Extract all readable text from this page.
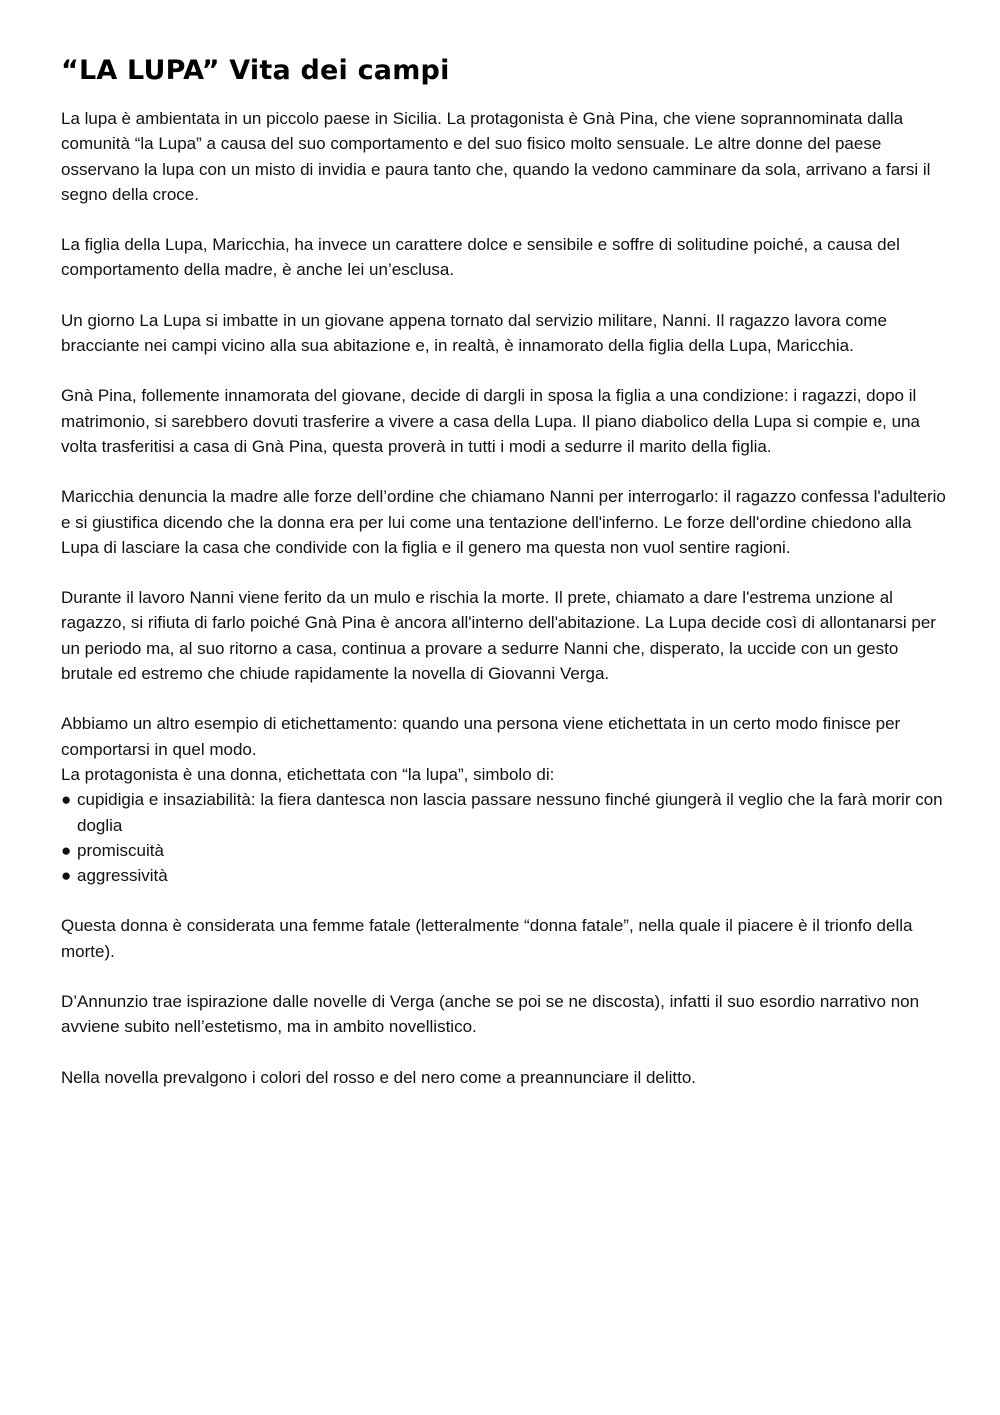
“LA LUPA” Vita dei campi

La lupa è ambientata in un piccolo paese in Sicilia. La protagonista è Gnà Pina, che viene soprannominata dalla comunità “la Lupa” a causa del suo comportamento e del suo fisico molto sensuale. Le altre donne del paese osservano la lupa con un misto di invidia e paura tanto che, quando la vedono camminare da sola, arrivano a farsi il segno della croce.

La figlia della Lupa, Maricchia, ha invece un carattere dolce e sensibile e soffre di solitudine poiché, a causa del comportamento della madre, è anche lei un’esclusa.

Un giorno La Lupa si imbatte in un giovane appena tornato dal servizio militare, Nanni. Il ragazzo lavora come bracciante nei campi vicino alla sua abitazione e, in realtà, è innamorato della figlia della Lupa, Maricchia.

Gnà Pina, follemente innamorata del giovane, decide di dargli in sposa la figlia a una condizione: i ragazzi, dopo il matrimonio, si sarebbero dovuti trasferire a vivere a casa della Lupa. Il piano diabolico della Lupa si compie e, una volta trasferitisi a casa di Gnà Pina, questa proverà in tutti i modi a sedurre il marito della figlia.

Maricchia denuncia la madre alle forze dell’ordine che chiamano Nanni per interrogarlo: il ragazzo confessa l'adulterio e si giustifica dicendo che la donna era per lui come una tentazione dell'inferno. Le forze dell'ordine chiedono alla Lupa di lasciare la casa che condivide con la figlia e il genero ma questa non vuol sentire ragioni.

Durante il lavoro Nanni viene ferito da un mulo e rischia la morte. Il prete, chiamato a dare l'estrema unzione al ragazzo, si rifiuta di farlo poiché Gnà Pina è ancora all'interno dell'abitazione. La Lupa decide così di allontanarsi per un periodo ma, al suo ritorno a casa, continua a provare a sedurre Nanni che, disperato, la uccide con un gesto brutale ed estremo che chiude rapidamente la novella di Giovanni Verga.

Abbiamo un altro esempio di etichettamento: quando una persona viene etichettata in un certo modo finisce per comportarsi in quel modo.

La protagonista è una donna, etichettata con “la lupa”, simbolo di:

● cupidigia e insaziabilità: la fiera dantesca non lascia passare nessuno finché giungerà il veglio che la farà morir con doglia
● promiscuità
● aggressività

Questa donna è considerata una femme fatale (letteralmente “donna fatale”, nella quale il piacere è il trionfo della morte).

D’Annunzio trae ispirazione dalle novelle di Verga (anche se poi se ne discosta), infatti il suo esordio narrativo non avviene subito nell’estetismo, ma in ambito novellistico.

Nella novella prevalgono i colori del rosso e del nero come a preannunciare il delitto.
